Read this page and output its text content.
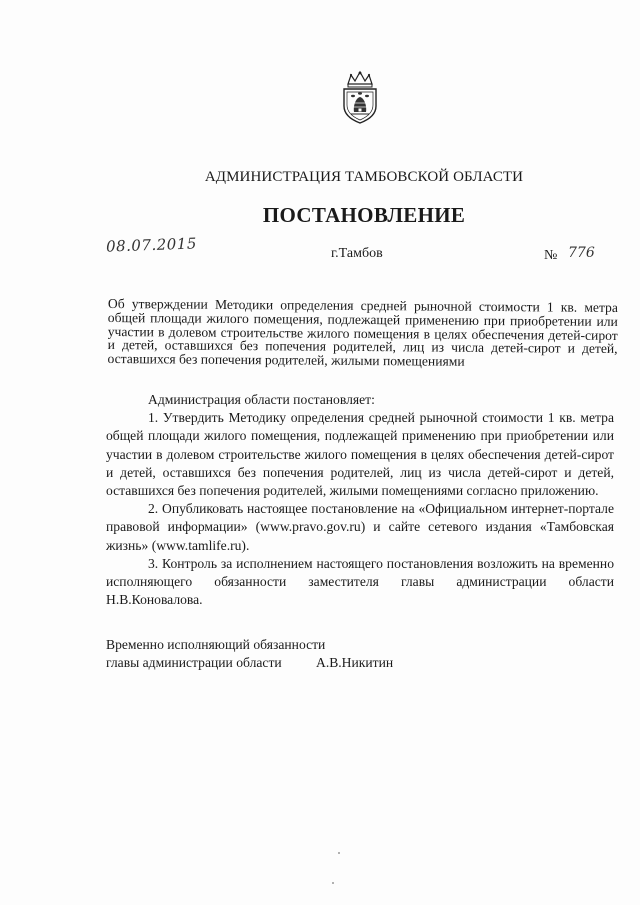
АДМИНИСТРАЦИЯ ТАМБОВСКОЙ ОБЛАСТИ
ПОСТАНОВЛЕНИЕ
08.07.2015	г.Тамбов	№ 776
Об утверждении Методики определения средней рыночной стоимости 1 кв. метра общей площади жилого помещения, подлежащей применению при приобретении или участии в долевом строительстве жилого помещения в целях обеспечения детей-сирот и детей, оставшихся без попечения родителей, лиц из числа детей-сирот и детей, оставшихся без попечения родителей, жилыми помещениями

Администрация области постановляет:

1. Утвердить Методику определения средней рыночной стоимости 1 кв. метра общей площади жилого помещения, подлежащей применению при приобретении или участии в долевом строительстве жилого помещения в целях обеспечения детей-сирот и детей, оставшихся без попечения родителей, лиц из числа детей-сирот и детей, оставшихся без попечения родителей, жилыми помещениями согласно приложению.

2. Опубликовать настоящее постановление на «Официальном интернет-портале правовой информации» (www.pravo.gov.ru) и сайте сетевого издания «Тамбовская жизнь» (www.tamlife.ru).

3. Контроль за исполнением настоящего постановления возложить на временно исполняющего обязанности заместителя главы администрации области Н.В.Коновалова.

Временно исполняющий обязанности
главы администрации области	А.В.Никитин
